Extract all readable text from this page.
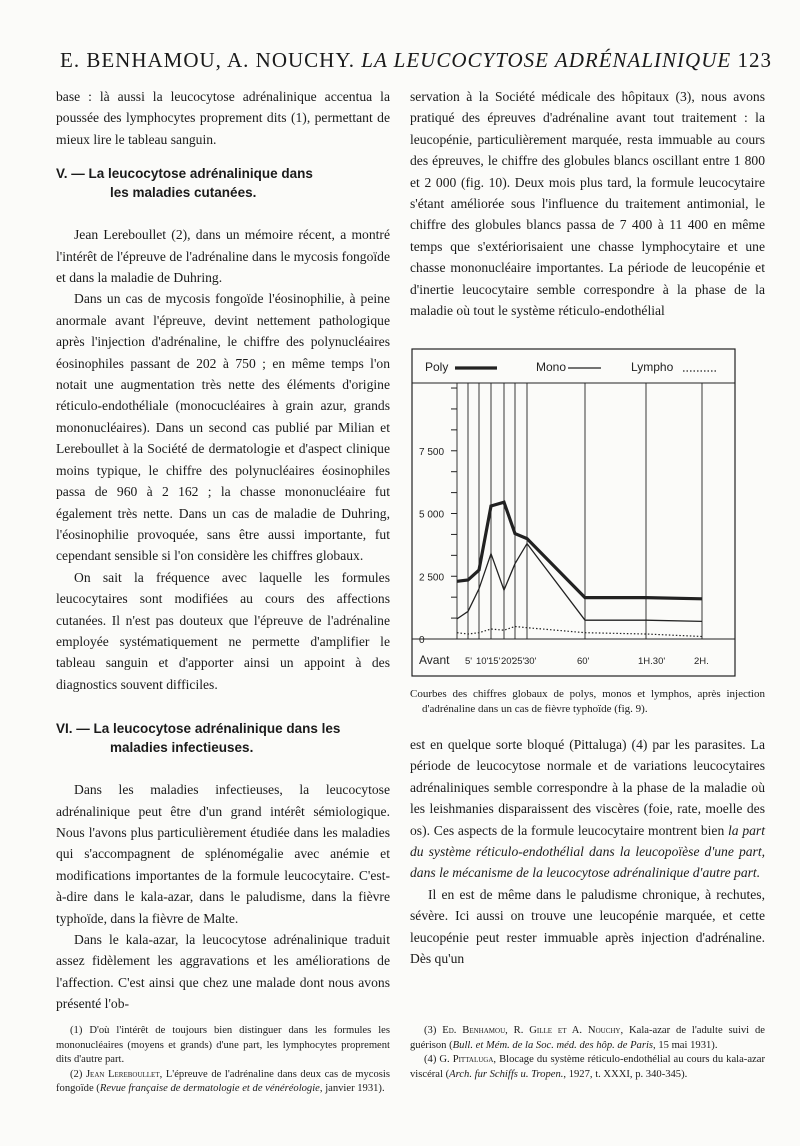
E. BENHAMOU, A. NOUCHY. LA LEUCOCYTOSE ADRÉNALINIQUE 123

base : là aussi la leucocytose adrénalinique accentua la poussée des lymphocytes proprement dits (1), permettant de mieux lire le tableau sanguin.

V. — La leucocytose adrénalinique dans
les maladies cutanées.

Jean Lereboullet (2), dans un mémoire récent, a montré l'intérêt de l'épreuve de l'adrénaline dans le mycosis fongoïde et dans la maladie de Duhring.

Dans un cas de mycosis fongoïde l'éosinophilie, à peine anormale avant l'épreuve, devint nettement pathologique après l'injection d'adrénaline, le chiffre des polynucléaires éosinophiles passant de 202 à 750 ; en même temps l'on notait une augmentation très nette des éléments d'origine réticulo-endothéliale (monocucléaires à grain azur, grands mononucléaires). Dans un second cas publié par Milian et Lereboullet à la Société de dermatologie et d'aspect clinique moins typique, le chiffre des polynucléaires éosinophiles passa de 960 à 2 162 ; la chasse mononucléaire fut également très nette. Dans un cas de maladie de Duhring, l'éosinophilie provoquée, sans être aussi importante, fut cependant sensible si l'on considère les chiffres globaux.

On sait la fréquence avec laquelle les formules leucocytaires sont modifiées au cours des affections cutanées. Il n'est pas douteux que l'épreuve de l'adrénaline employée systématiquement ne permette d'amplifier le tableau sanguin et d'apporter ainsi un appoint à des diagnostics souvent difficiles.

VI. — La leucocytose adrénalinique dans les
maladies infectieuses.

Dans les maladies infectieuses, la leucocytose adrénalinique peut être d'un grand intérêt sémiologique. Nous l'avons plus particulièrement étudiée dans les maladies qui s'accompagnent de splénomégalie avec anémie et modifications importantes de la formule leucocytaire. C'est-à-dire dans le kala-azar, dans le paludisme, dans la fièvre typhoïde, dans la fièvre de Malte.

Dans le kala-azar, la leucocytose adrénalinique traduit assez fidèlement les aggravations et les améliorations de l'affection. C'est ainsi que chez une malade dont nous avons présenté l'ob-

servation à la Société médicale des hôpitaux (3), nous avons pratiqué des épreuves d'adrénaline avant tout traitement : la leucopénie, particulièrement marquée, resta immuable au cours des épreuves, le chiffre des globules blancs oscillant entre 1 800 et 2 000 (fig. 10). Deux mois plus tard, la formule leucocytaire s'étant améliorée sous l'influence du traitement antimonial, le chiffre des globules blancs passa de 7 400 à 11 400 en même temps que s'extériorisaient une chasse lymphocytaire et une chasse mononucléaire importantes. La période de leucopénie et d'inertie leucocytaire semble correspondre à la phase de la maladie où tout le système réticulo-endothélial

0
2 500
5 000
7 500
Avant 5' 10' 15' 20'
25' 30'	60'	1H.30'	2H.
Poly	Mono	Lympho

Courbes des chiffres globaux de polys, monos et lymphos, après injection d'adrénaline dans un cas de fièvre typhoïde (fig. 9).

est en quelque sorte bloqué (Pittaluga) (4) par les parasites. La période de leucocytose normale et de variations leucocytaires adrénaliniques semble correspondre à la phase de la maladie où les leishmanies disparaissent des viscères (foie, rate, moelle des os). Ces aspects de la formule leucocytaire montrent bien la part du système réticulo-endothélial dans la leucopoïèse d'une part, dans le mécanisme de la leucocytose adrénalinique d'autre part.

Il en est de même dans le paludisme chronique, à rechutes, sévère. Ici aussi on trouve une leucopénie marquée, et cette leucopénie peut rester immuable après injection d'adrénaline. Dès qu'un

(1) D'où l'intérêt de toujours bien distinguer dans les formules les mononucléaires (moyens et grands) d'une part, les lymphocytes proprement dits d'autre part.

(2) Jean Lereboullet, L'épreuve de l'adrénaline dans deux cas de mycosis fongoïde (Revue française de dermatologie et de vénéréologie, janvier 1931).

(3) Ed. Benhamou, R. Gille et A. Nouchy, Kala-azar de l'adulte suivi de guérison (Bull. et Mém. de la Soc. méd. des hôp. de Paris, 15 mai 1931).

(4) G. Pittaluga, Blocage du système réticulo-endothélial au cours du kala-azar viscéral (Arch. fur Schiffs u. Tropen., 1927, t. XXXI, p. 340-345).
